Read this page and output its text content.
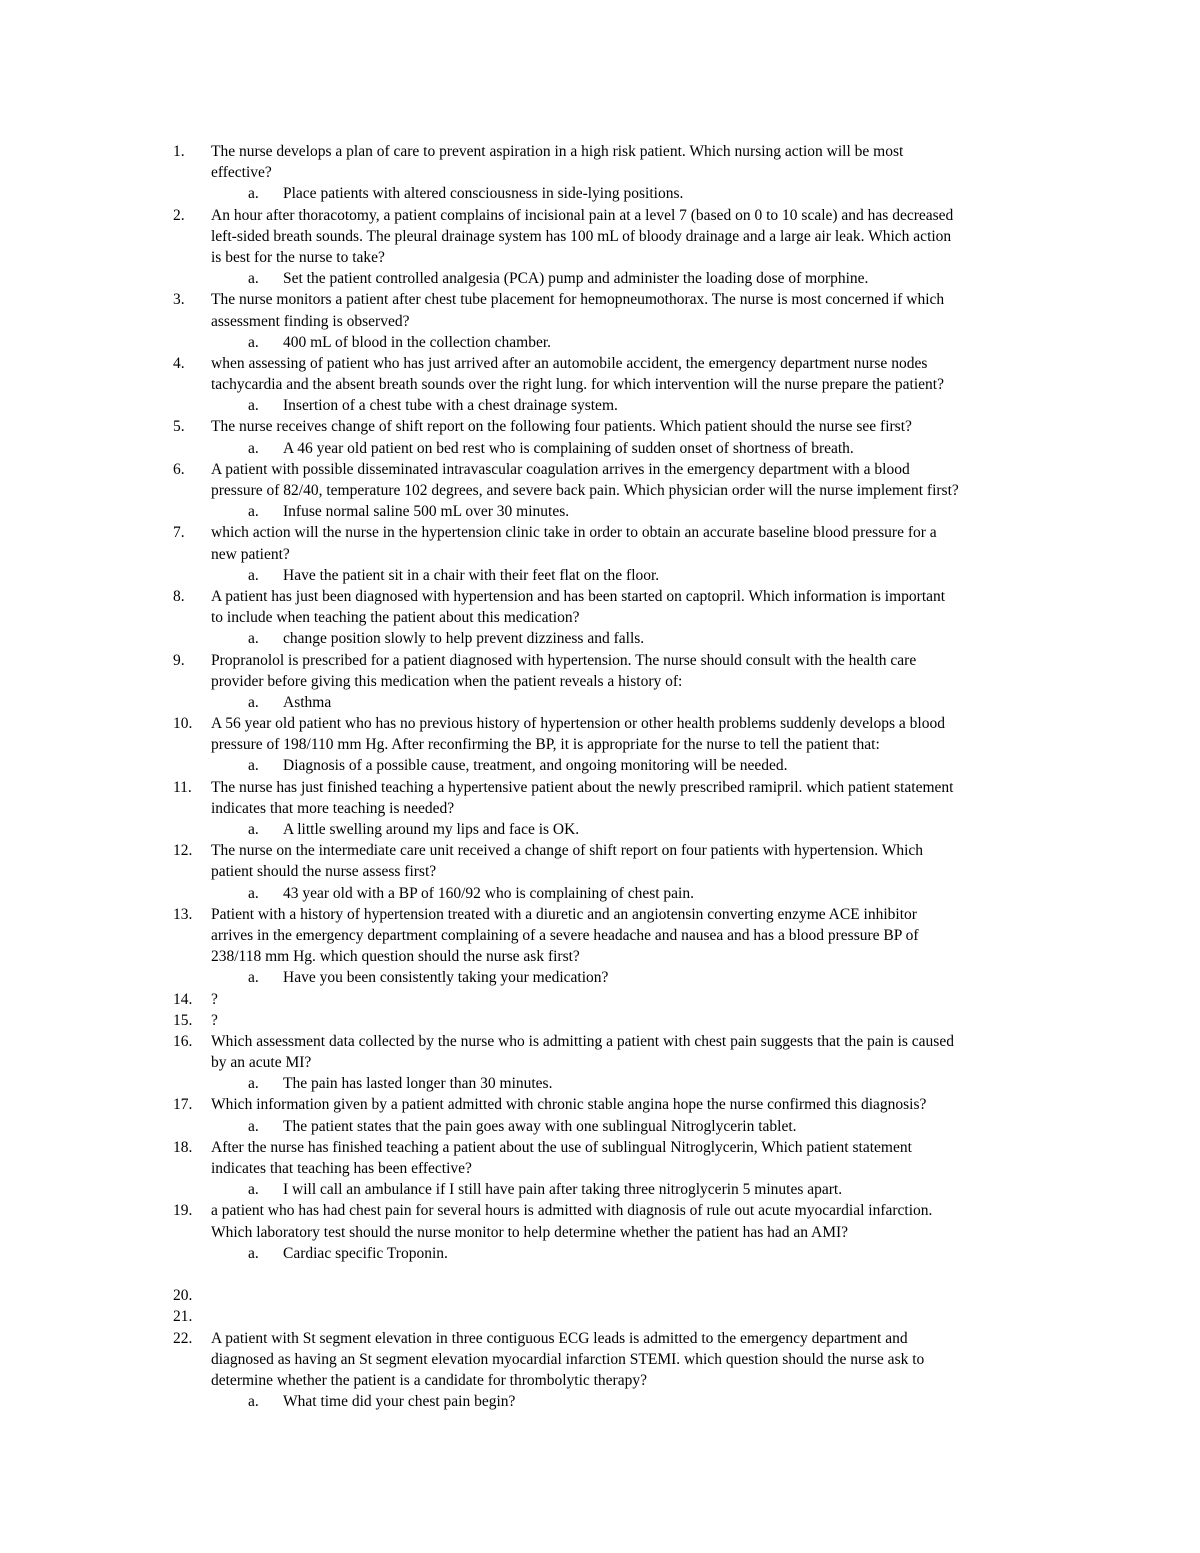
1.	The nurse develops a plan of care to prevent aspiration in a high risk patient. Which nursing action will be most
effective?
a. Place patients with altered consciousness in side-lying positions.
2.	An hour after thoracotomy, a patient complains of incisional pain at a level 7 (based on 0 to 10 scale) and has decreased
left-sided breath sounds. The pleural drainage system has 100 mL of bloody drainage and a large air leak. Which action
is best for the nurse to take?
a. Set the patient controlled analgesia (PCA) pump and administer the loading dose of morphine.
3.	The nurse monitors a patient after chest tube placement for hemopneumothorax. The nurse is most concerned if which
assessment finding is observed?
a. 400 mL of blood in the collection chamber.
4.	when assessing of patient who has just arrived after an automobile accident, the emergency department nurse nodes
tachycardia and the absent breath sounds over the right lung. for which intervention will the nurse prepare the patient?
a. Insertion of a chest tube with a chest drainage system.
5.	The nurse receives change of shift report on the following four patients. Which patient should the nurse see first?
a. A 46 year old patient on bed rest who is complaining of sudden onset of shortness of breath.
6.	A patient with possible disseminated intravascular coagulation arrives in the emergency department with a blood
pressure of 82/40, temperature 102 degrees, and severe back pain. Which physician order will the nurse implement first?
a. Infuse normal saline 500 mL over 30 minutes.
7.	which action will the nurse in the hypertension clinic take in order to obtain an accurate baseline blood pressure for a
new patient?
a. Have the patient sit in a chair with their feet flat on the floor.
8.	A patient has just been diagnosed with hypertension and has been started on captopril. Which information is important
to include when teaching the patient about this medication?
a. change position slowly to help prevent dizziness and falls.
9.	Propranolol is prescribed for a patient diagnosed with hypertension. The nurse should consult with the health care
provider before giving this medication when the patient reveals a history of:
a. Asthma
10.	A 56 year old patient who has no previous history of hypertension or other health problems suddenly develops a blood
pressure of 198/110 mm Hg. After reconfirming the BP, it is appropriate for the nurse to tell the patient that:
a. Diagnosis of a possible cause, treatment, and ongoing monitoring will be needed.
11.	The nurse has just finished teaching a hypertensive patient about the newly prescribed ramipril. which patient statement
indicates that more teaching is needed?
a. A little swelling around my lips and face is OK.
12.	The nurse on the intermediate care unit received a change of shift report on four patients with hypertension. Which
patient should the nurse assess first?
a. 43 year old with a BP of 160/92 who is complaining of chest pain.
13.	Patient with a history of hypertension treated with a diuretic and an angiotensin converting enzyme ACE inhibitor
arrives in the emergency department complaining of a severe headache and nausea and has a blood pressure BP of
238/118 mm Hg. which question should the nurse ask first?
a. Have you been consistently taking your medication?
14.	?
15.	?
16.	Which assessment data collected by the nurse who is admitting a patient with chest pain suggests that the pain is caused
by an acute MI?
a. The pain has lasted longer than 30 minutes.
17.	Which information given by a patient admitted with chronic stable angina hope the nurse confirmed this diagnosis?
a. The patient states that the pain goes away with one sublingual Nitroglycerin tablet.
18.	After the nurse has finished teaching a patient about the use of sublingual Nitroglycerin, Which patient statement
indicates that teaching has been effective?
a. I will call an ambulance if I still have pain after taking three nitroglycerin 5 minutes apart.
19.	a patient who has had chest pain for several hours is admitted with diagnosis of rule out acute myocardial infarction.
Which laboratory test should the nurse monitor to help determine whether the patient has had an AMI?
a. Cardiac specific Troponin.
20.
21.
22.	A patient with St segment elevation in three contiguous ECG leads is admitted to the emergency department and
diagnosed as having an St segment elevation myocardial infarction STEMI. which question should the nurse ask to
determine whether the patient is a candidate for thrombolytic therapy?
a. What time did your chest pain begin?
